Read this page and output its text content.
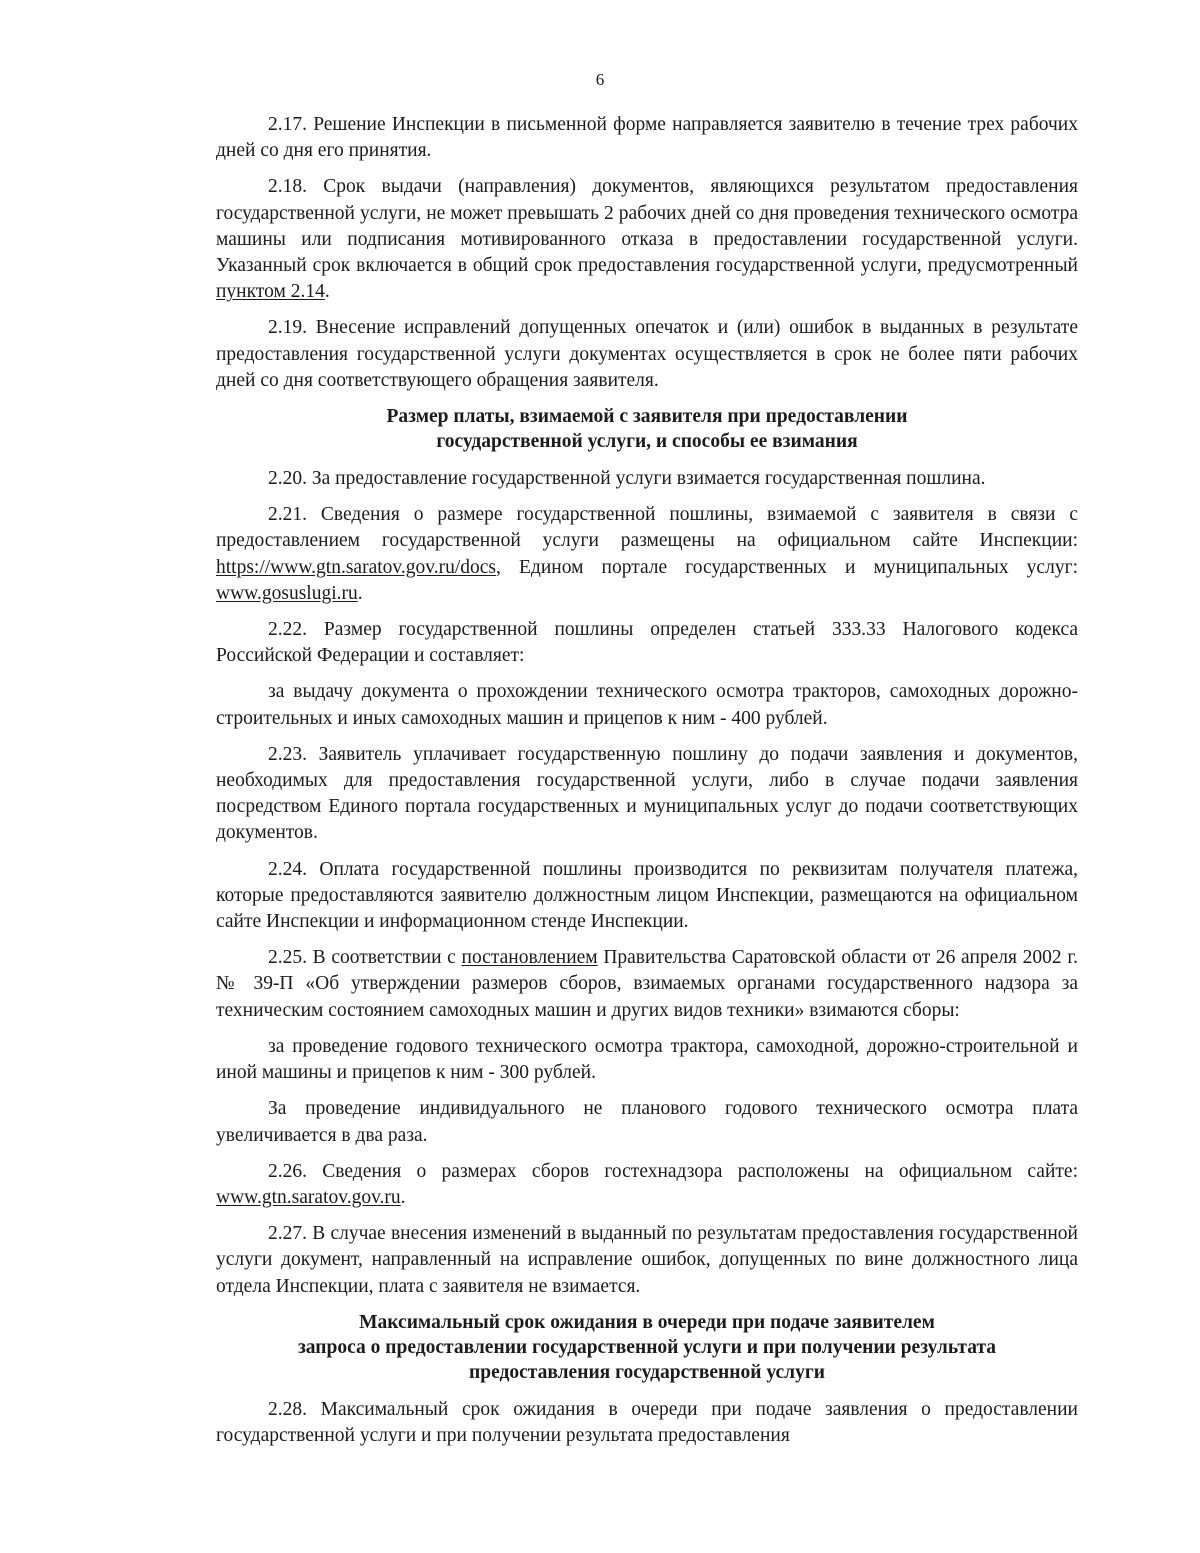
6

2.17. Решение Инспекции в письменной форме направляется заявителю в течение трех рабочих дней со дня его принятия.

2.18. Срок выдачи (направления) документов, являющихся результатом предоставления государственной услуги, не может превышать 2 рабочих дней со дня проведения технического осмотра машины или подписания мотивированного отказа в предоставлении государственной услуги. Указанный срок включается в общий срок предоставления государственной услуги, предусмотренный пунктом 2.14.

2.19. Внесение исправлений допущенных опечаток и (или) ошибок в выданных в результате предоставления государственной услуги документах осуществляется в срок не более пяти рабочих дней со дня соответствующего обращения заявителя.

Размер платы, взимаемой с заявителя при предоставлении
государственной услуги, и способы ее взимания

2.20. За предоставление государственной услуги взимается государственная пошлина.

2.21. Сведения о размере государственной пошлины, взимаемой с заявителя в связи с предоставлением государственной услуги размещены на официальном сайте Инспекции: https://www.gtn.saratov.gov.ru/docs, Едином портале государственных и муниципальных услуг: www.gosuslugi.ru.

2.22. Размер государственной пошлины определен статьей 333.33 Налогового кодекса Российской Федерации и составляет:

за выдачу документа о прохождении технического осмотра тракторов, самоходных дорожно-строительных и иных самоходных машин и прицепов к ним - 400 рублей.

2.23. Заявитель уплачивает государственную пошлину до подачи заявления и документов, необходимых для предоставления государственной услуги, либо в случае подачи заявления посредством Единого портала государственных и муниципальных услуг до подачи соответствующих документов.

2.24. Оплата государственной пошлины производится по реквизитам получателя платежа, которые предоставляются заявителю должностным лицом Инспекции, размещаются на официальном сайте Инспекции и информационном стенде Инспекции.

2.25. В соответствии с постановлением Правительства Саратовской области от 26 апреля 2002 г. № 39-П «Об утверждении размеров сборов, взимаемых органами государственного надзора за техническим состоянием самоходных машин и других видов техники» взимаются сборы:

за проведение годового технического осмотра трактора, самоходной, дорожно-строительной и иной машины и прицепов к ним - 300 рублей.

За проведение индивидуального не планового годового технического осмотра плата увеличивается в два раза.

2.26. Сведения о размерах сборов гостехнадзора расположены на официальном сайте: www.gtn.saratov.gov.ru.

2.27. В случае внесения изменений в выданный по результатам предоставления государственной услуги документ, направленный на исправление ошибок, допущенных по вине должностного лица отдела Инспекции, плата с заявителя не взимается.

Максимальный срок ожидания в очереди при подаче заявителем
запроса о предоставлении государственной услуги и при получении результата
предоставления государственной услуги

2.28. Максимальный срок ожидания в очереди при подаче заявления о предоставлении государственной услуги и при получении результата предоставления
